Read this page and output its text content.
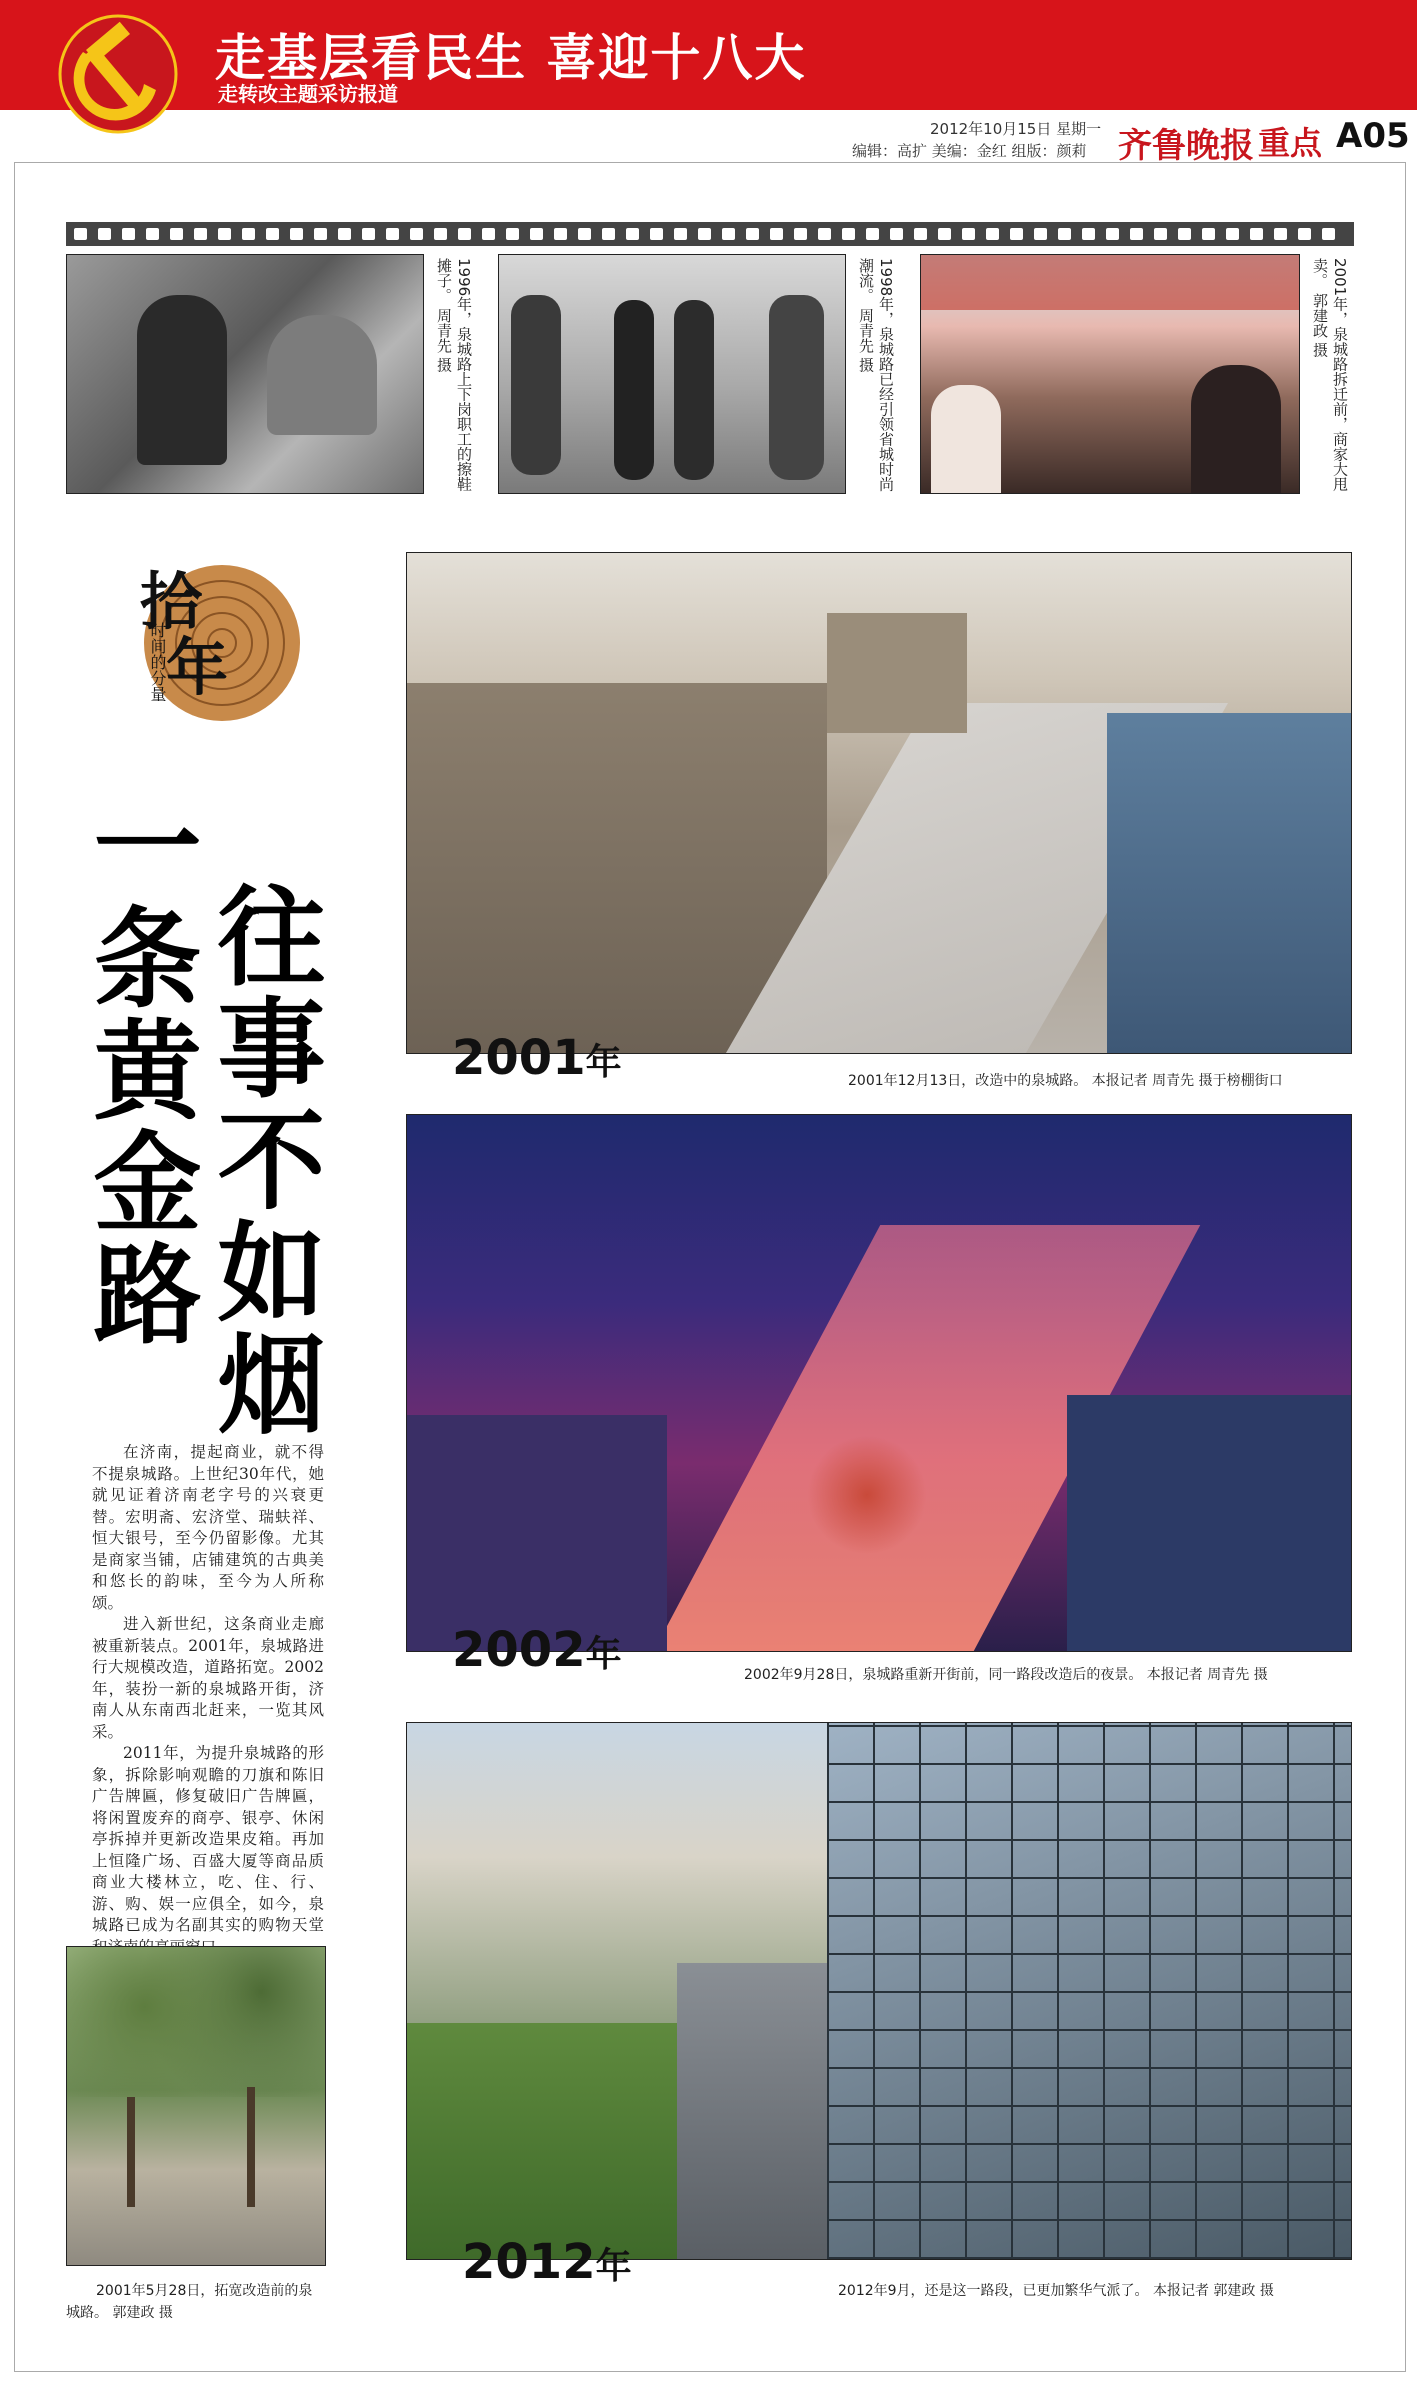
走基层看民生 喜迎十八大
走转改主题采访报道
2012年10月15日 星期一
编辑：高扩 美编：金红 组版：颜莉 齐鲁晚报 重点 A05
1996年，泉城路上下岗职工的擦鞋摊子。 周青先 摄	1998年，泉城路已经引领省城时尚潮流。 周青先 摄	2001年，泉城路拆迁前，商家大甩卖。 郭建政 摄
拾
年
时间的分量
往事不如烟
一条黄金路

在济南，提起商业，就不得不提泉城路。上世纪30年代，她就见证着济南老字号的兴衰更替。宏明斋、宏济堂、瑞蚨祥、恒大银号，至今仍留影像。尤其是商家当铺，店铺建筑的古典美和悠长的韵味，至今为人所称颂。

进入新世纪，这条商业走廊被重新装点。2001年，泉城路进行大规模改造，道路拓宽。2002年，装扮一新的泉城路开街，济南人从东南西北赶来，一览其风采。

2011年，为提升泉城路的形象，拆除影响观瞻的刀旗和陈旧广告牌匾，修复破旧广告牌匾，将闲置废弃的商亭、银亭、休闲亭拆掉并更新改造果皮箱。再加上恒隆广场、百盛大厦等商品质商业大楼林立，吃、住、行、游、购、娱一应俱全，如今，泉城路已成为名副其实的购物天堂

2001年5月28日，拓宽改造前的泉
城路。 郭建政 摄
2001年	2001年12月13日，改造中的泉城路。 本报记者 周青先 摄于榜棚街口
2002年	2002年9月28日，泉城路重新开街前，同一路段改造后的夜景。 本报记者 周青先 摄
2012年
2012年9月，还是这一路段，已更加繁华气派了。 本报记者 郭建政 摄
